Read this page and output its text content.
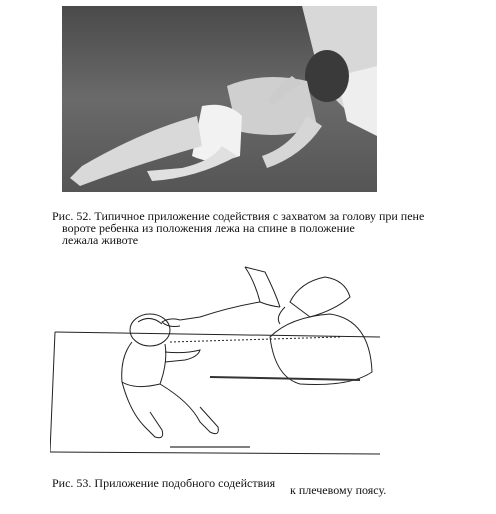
Рис. 52. Типичное приложение содействия с захватом за голову при пене
вороте ребенка из положения лежа на спине в положение
лежала животе

Рис. 53. Приложение подобного содействия к плечевому поясу.
